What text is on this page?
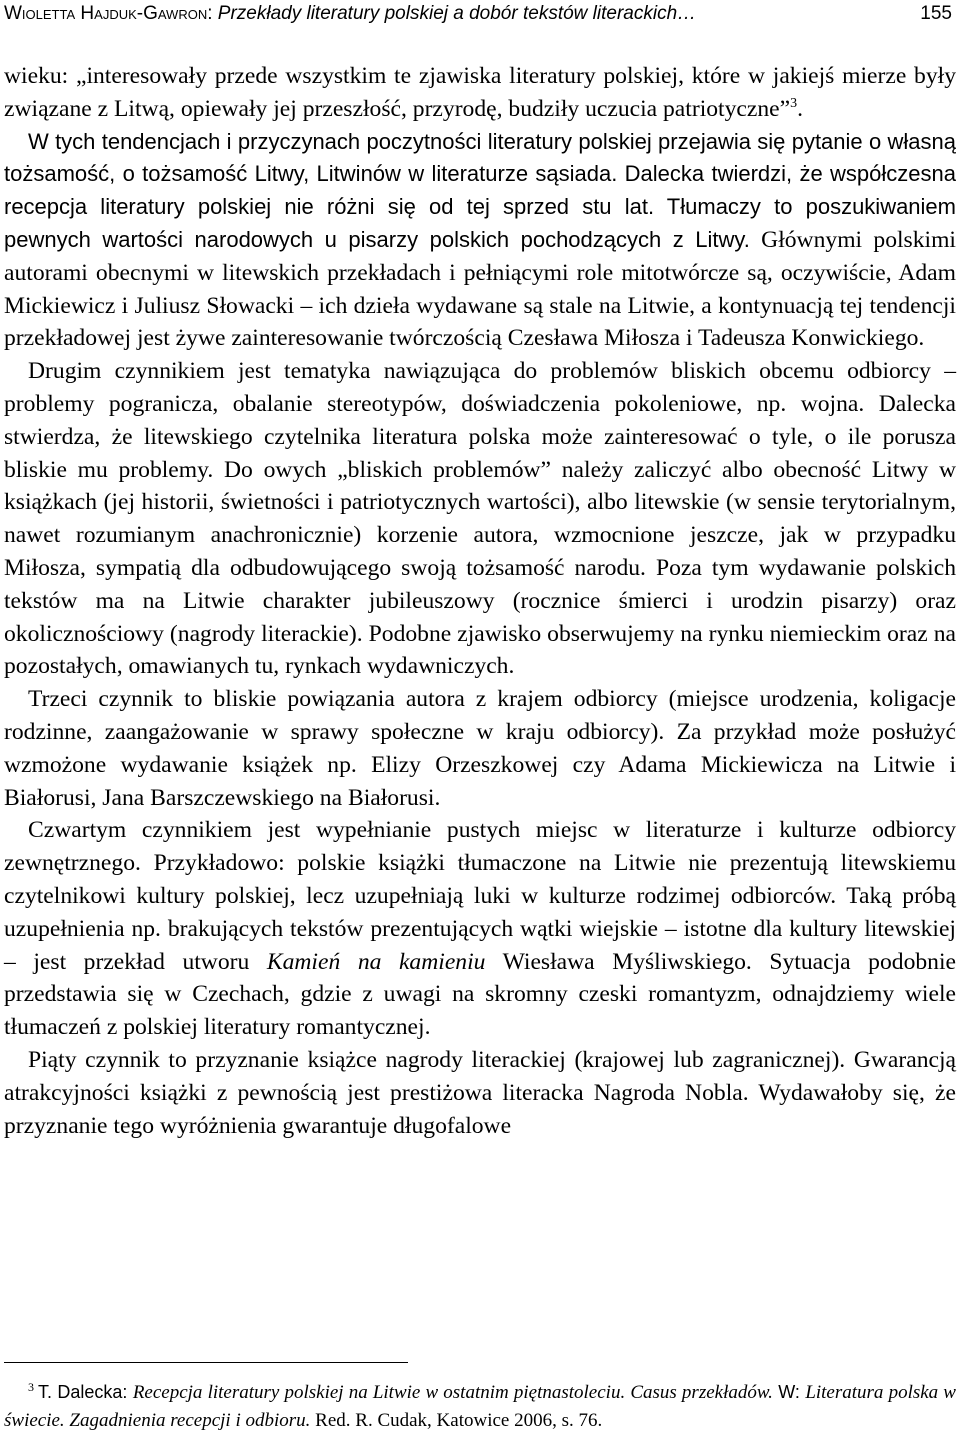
Wioletta Hajduk-Gawron: Przekłady literatury polskiej a dobór tekstów literackich…	155

wieku: „interesowały przede wszystkim te zjawiska literatury polskiej, które w jakiejś mierze były związane z Litwą, opiewały jej przeszłość, przyrodę, budziły uczucia patriotyczne”$^3$.

W tych tendencjach i przyczynach poczytności literatury polskiej przejawia się pytanie o własną tożsamość, o tożsamość Litwy, Litwinów w literaturze sąsiada. Dalecka twierdzi, że współczesna recepcja literatury polskiej nie różni się od tej sprzed stu lat. Tłumaczy to poszukiwaniem pewnych wartości narodowych u pisarzy polskich pochodzących z Litwy. Głównymi polskimi autorami obecnymi w litewskich przekładach i pełniącymi role mitotwórcze są, oczywiście, Adam Mickiewicz i Juliusz Słowacki – ich dzieła wydawane są stale na Litwie, a kontynuacją tej tendencji przekładowej jest żywe zainteresowanie twórczością Czesława Miłosza i Tadeusza Konwickiego.

Drugim czynnikiem jest tematyka nawiązująca do problemów bliskich obcemu odbiorcy – problemy pogranicza, obalanie stereotypów, doświadczenia pokoleniowe, np. wojna. Dalecka stwierdza, że litewskiego czytelnika literatura polska może zainteresować o tyle, o ile porusza bliskie mu problemy. Do owych „bliskich problemów” należy zaliczyć albo obecność Litwy w książkach (jej historii, świetności i patriotycznych wartości), albo litewskie (w sensie terytorialnym, nawet rozumianym anachronicznie) korzenie autora, wzmocnione jeszcze, jak w przypadku Miłosza, sympatią dla odbudowującego swoją tożsamość narodu. Poza tym wydawanie polskich tekstów ma na Litwie charakter jubileuszowy (rocznice śmierci i urodzin pisarzy) oraz okolicznościowy (nagrody literackie). Podobne zjawisko obserwujemy na rynku niemieckim oraz na pozostałych, omawianych tu, rynkach wydawniczych.

Trzeci czynnik to bliskie powiązania autora z krajem odbiorcy (miejsce urodzenia, koligacje rodzinne, zaangażowanie w sprawy społeczne w kraju odbiorcy). Za przykład może posłużyć wzmożone wydawanie książek np. Elizy Orzeszkowej czy Adama Mickiewicza na Litwie i Białorusi, Jana Barszczewskiego na Białorusi.

Czwartym czynnikiem jest wypełnianie pustych miejsc w literaturze i kulturze odbiorcy zewnętrznego. Przykładowo: polskie książki tłumaczone na Litwie nie prezentują litewskiemu czytelnikowi kultury polskiej, lecz uzupełniają luki w kulturze rodzimej odbiorców. Taką próbą uzupełnienia np. brakujących tekstów prezentujących wątki wiejskie – istotne dla kultury litewskiej – jest przekład utworu Kamień na kamieniu Wiesława Myśliwskiego. Sytuacja podobnie przedstawia się w Czechach, gdzie z uwagi na skromny czeski romantyzm, odnajdziemy wiele tłumaczeń z polskiej literatury romantycznej.

Piąty czynnik to przyznanie książce nagrody literackiej (krajowej lub zagranicznej). Gwarancją atrakcyjności książki z pewnością jest prestiżowa literacka Nagroda Nobla. Wydawałoby się, że przyznanie tego wyróżnienia gwarantuje długofalowe

$^3$ T. Dalecka: Recepcja literatury polskiej na Litwie w ostatnim piętnastoleciu. Casus przekładów. W: Literatura polska w świecie. Zagadnienia recepcji i odbioru. Red. R. Cudak, Katowice 2006, s. 76.
